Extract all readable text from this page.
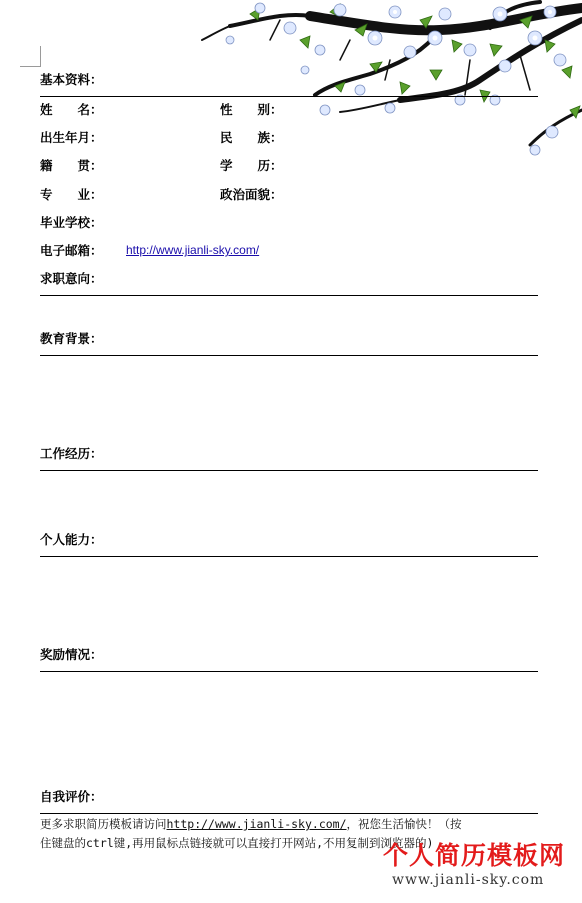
基本资料：
姓　　名：	性　　别：
出生年月：	民　　族：
籍　　贯：	学　　历：
专　　业：	政治面貌：
毕业学校：
电子邮箱： http://www.jianli-sky.com/
求职意向：
教育背景：
工作经历：
个人能力：
奖励情况：
自我评价：
更多求职简历模板请访问http://www.jianli-sky.com/，祝您生活愉快！（按
住键盘的ctrl键,再用鼠标点链接就可以直接打开网站,不用复制到浏览器的)
个人简历模板网
www.jianli-sky.com
